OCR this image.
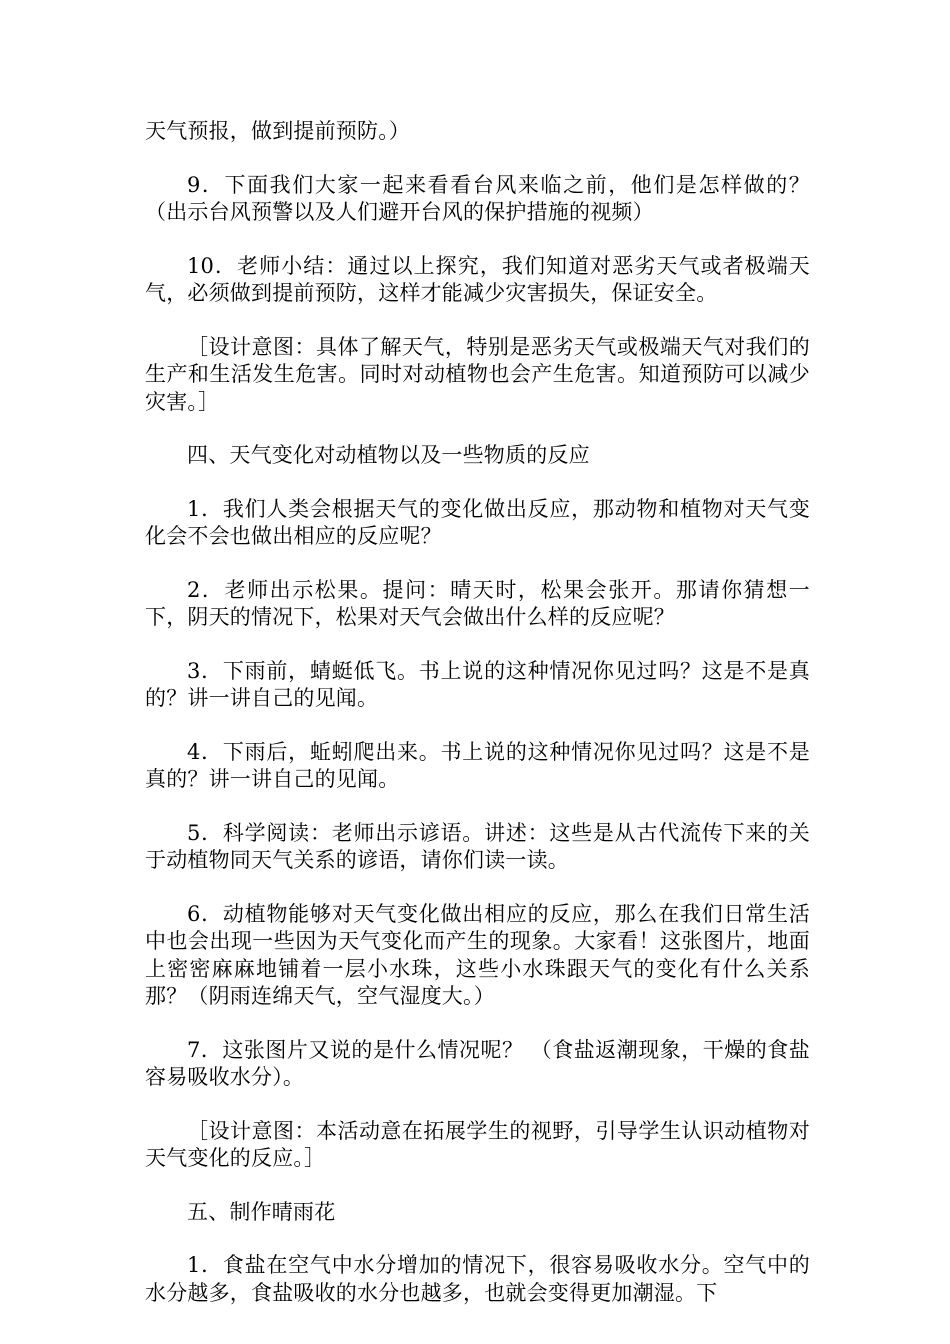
天气预报，做到提前预防。）

9．下面我们大家一起来看看台风来临之前，他们是怎样做的？（出示台风预警以及人们避开台风的保护措施的视频）

10．老师小结：通过以上探究，我们知道对恶劣天气或者极端天气，必须做到提前预防，这样才能减少灾害损失，保证安全。

［设计意图：具体了解天气，特别是恶劣天气或极端天气对我们的生产和生活发生危害。同时对动植物也会产生危害。知道预防可以减少灾害。］

四、天气变化对动植物以及一些物质的反应

1．我们人类会根据天气的变化做出反应，那动物和植物对天气变化会不会也做出相应的反应呢？

2．老师出示松果。提问：晴天时，松果会张开。那请你猜想一下，阴天的情况下，松果对天气会做出什么样的反应呢？

3．下雨前，蜻蜓低飞。书上说的这种情况你见过吗？这是不是真的？讲一讲自己的见闻。

4．下雨后，蚯蚓爬出来。书上说的这种情况你见过吗？这是不是真的？讲一讲自己的见闻。

5．科学阅读：老师出示谚语。讲述：这些是从古代流传下来的关于动植物同天气关系的谚语，请你们读一读。

6．动植物能够对天气变化做出相应的反应，那么在我们日常生活中也会出现一些因为天气变化而产生的现象。大家看！这张图片，地面上密密麻麻地铺着一层小水珠，这些小水珠跟天气的变化有什么关系那？（阴雨连绵天气，空气湿度大。）

7．这张图片又说的是什么情况呢？ （食盐返潮现象，干燥的食盐容易吸收水分）。

［设计意图：本活动意在拓展学生的视野，引导学生认识动植物对天气变化的反应。］

五、制作晴雨花

1．食盐在空气中水分增加的情况下，很容易吸收水分。空气中的水分越多，食盐吸收的水分也越多，也就会变得更加潮湿。下
